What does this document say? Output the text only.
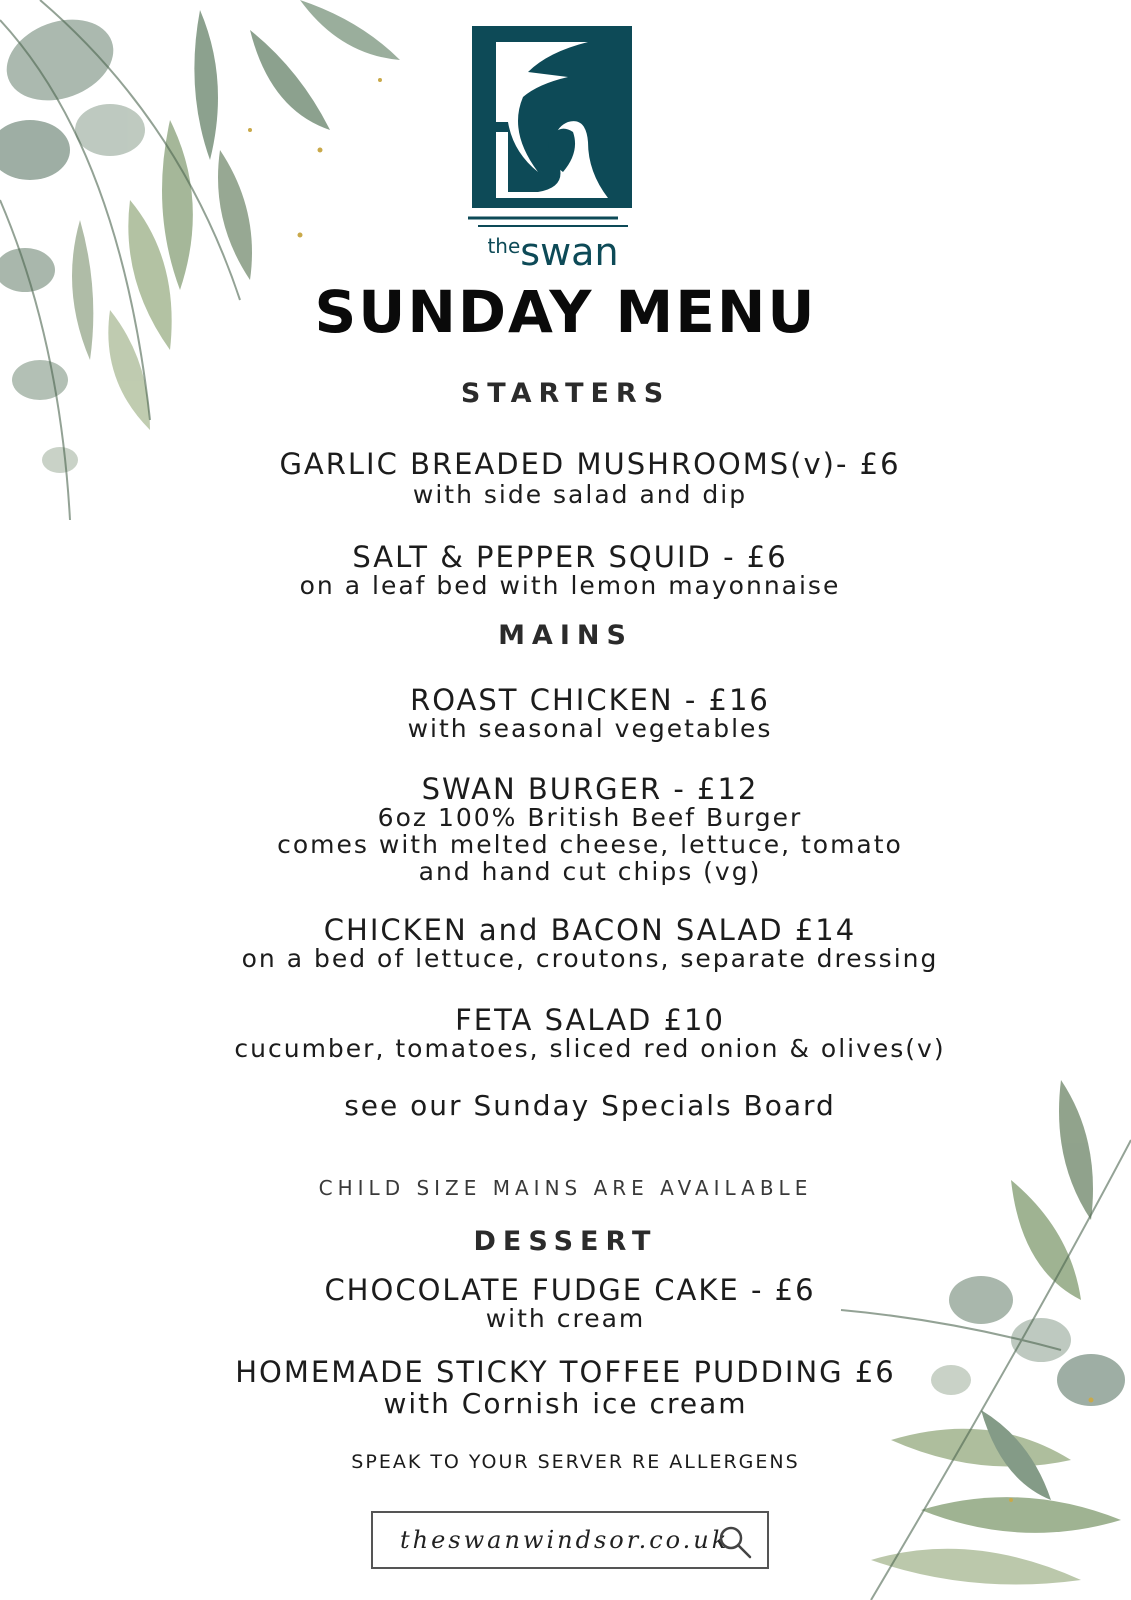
theswan
SUNDAY MENU
STARTERS
GARLIC BREADED MUSHROOMS(v)- £6
with side salad and dip
SALT & PEPPER SQUID - £6
on a leaf bed with lemon mayonnaise
MAINS
ROAST CHICKEN - £16
with seasonal vegetables
SWAN BURGER - £12
6oz 100% British Beef Burger
comes with melted cheese, lettuce, tomato
and hand cut chips (vg)
CHICKEN and BACON SALAD £14
on a bed of lettuce, croutons, separate dressing
FETA SALAD £10
cucumber, tomatoes, sliced red onion & olives(v)
see our Sunday Specials Board
CHILD SIZE MAINS ARE AVAILABLE
DESSERT
CHOCOLATE FUDGE CAKE - £6
with cream
HOMEMADE STICKY TOFFEE PUDDING £6
with Cornish ice cream
SPEAK TO YOUR SERVER RE ALLERGENS
theswanwindsor.co.uk
